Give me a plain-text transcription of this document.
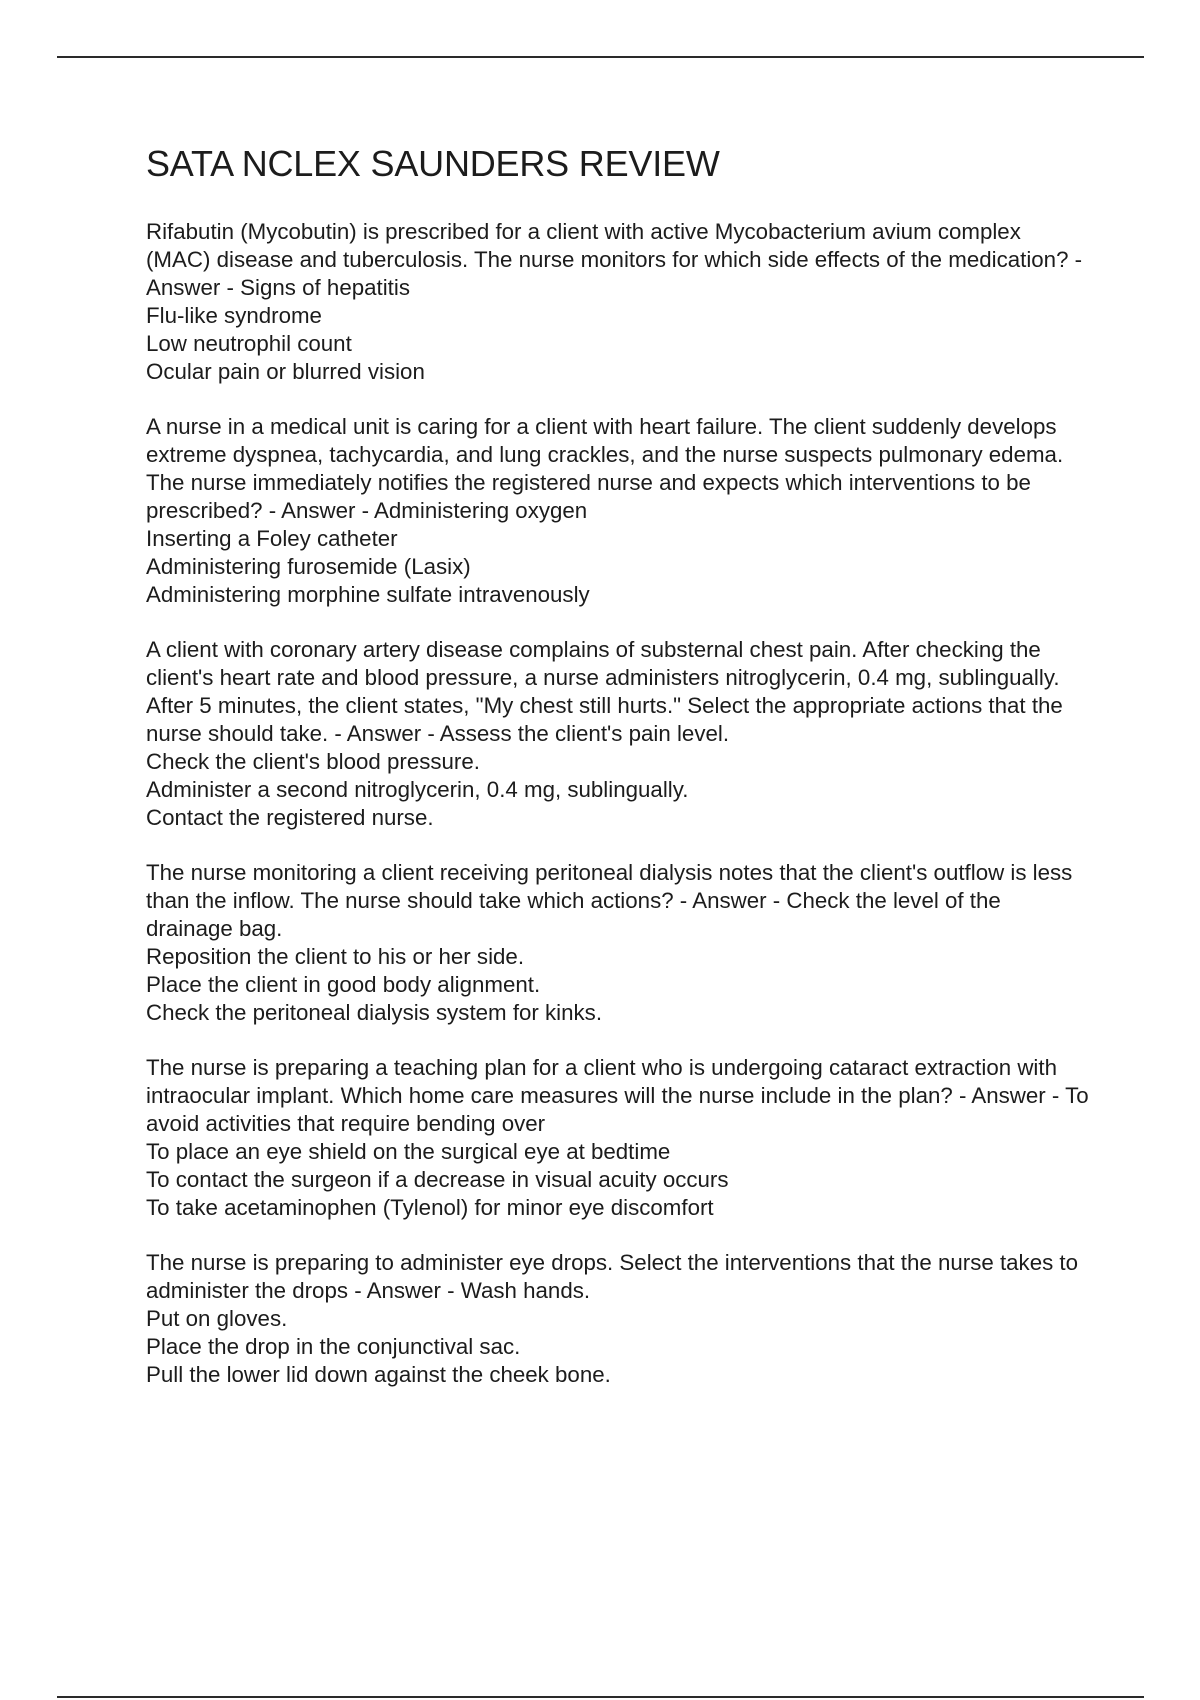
SATA NCLEX SAUNDERS REVIEW

Rifabutin (Mycobutin) is prescribed for a client with active Mycobacterium avium complex (MAC) disease and tuberculosis. The nurse monitors for which side effects of the medication? - Answer - Signs of hepatitis

Flu-like syndrome

Low neutrophil count

Ocular pain or blurred vision

A nurse in a medical unit is caring for a client with heart failure. The client suddenly develops extreme dyspnea, tachycardia, and lung crackles, and the nurse suspects pulmonary edema. The nurse immediately notifies the registered nurse and expects which interventions to be prescribed? - Answer - Administering oxygen

Inserting a Foley catheter

Administering furosemide (Lasix)

Administering morphine sulfate intravenously

A client with coronary artery disease complains of substernal chest pain. After checking the client's heart rate and blood pressure, a nurse administers nitroglycerin, 0.4 mg, sublingually. After 5 minutes, the client states, "My chest still hurts." Select the appropriate actions that the nurse should take. - Answer - Assess the client's pain level.

Check the client's blood pressure.

Administer a second nitroglycerin, 0.4 mg, sublingually.

Contact the registered nurse.

The nurse monitoring a client receiving peritoneal dialysis notes that the client's outflow is less than the inflow. The nurse should take which actions? - Answer - Check the level of the drainage bag.

Reposition the client to his or her side.

Place the client in good body alignment.

Check the peritoneal dialysis system for kinks.

The nurse is preparing a teaching plan for a client who is undergoing cataract extraction with intraocular implant. Which home care measures will the nurse include in the plan? - Answer - To avoid activities that require bending over

To place an eye shield on the surgical eye at bedtime

To contact the surgeon if a decrease in visual acuity occurs

To take acetaminophen (Tylenol) for minor eye discomfort

The nurse is preparing to administer eye drops. Select the interventions that the nurse takes to administer the drops - Answer - Wash hands.

Put on gloves.

Place the drop in the conjunctival sac.

Pull the lower lid down against the cheek bone.
